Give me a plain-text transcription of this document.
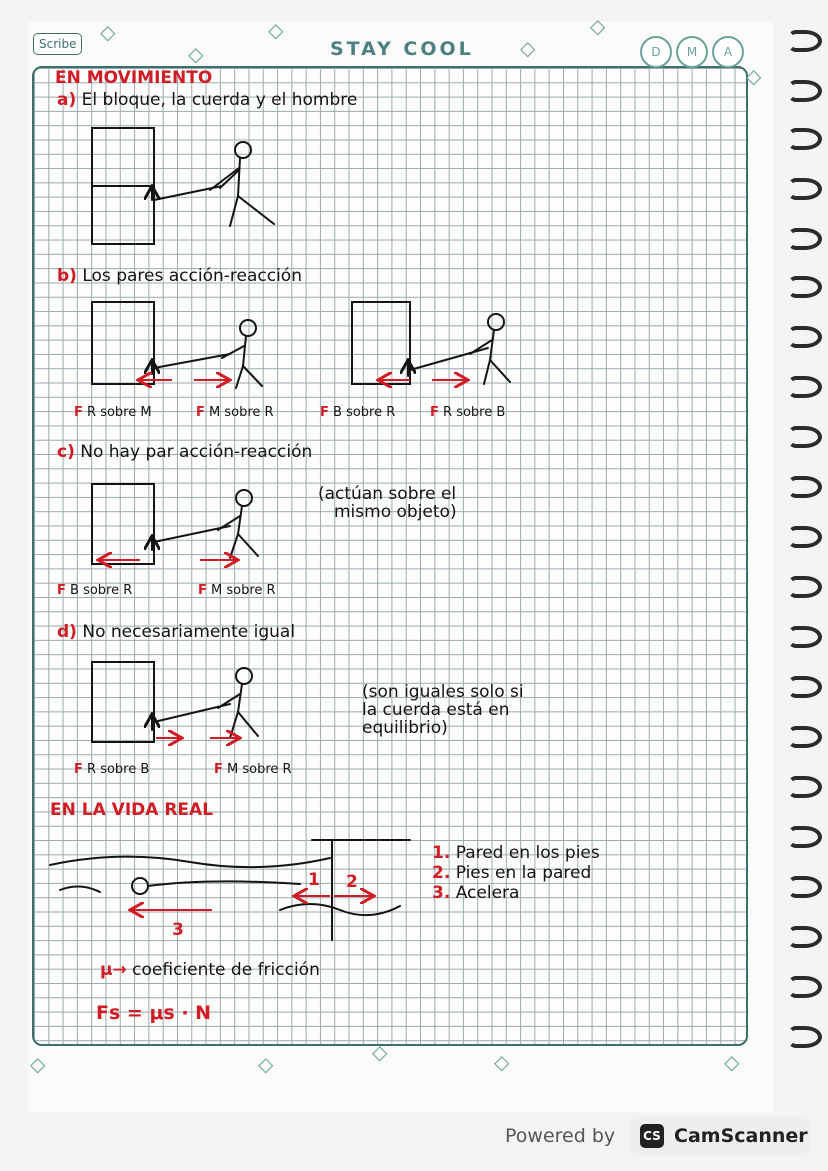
Scribe	STAY COOL	D	M	A
◇
◇
◇
◇
◇
◇
◇	◇	◇	◇	◇
EN MOVIMIENTO
a) El bloque, la cuerda y el hombre
b) Los pares acción-reacción
F R sobre M	F M sobre R	F B sobre R	F R sobre B
c) No hay par acción-reacción
(actúan sobre el
mismo objeto)
F B sobre R	F M sobre R
d) No necesariamente igual
(son iguales solo si
la cuerda está en
equilibrio)
F R sobre B	F M sobre R
EN LA VIDA REAL
1 2
3
1. Pared en los pies
2. Pies en la pared
3. Acelera
μ→ coeficiente de fricción
Fs = μs · N
Powered by CS CamScanner
